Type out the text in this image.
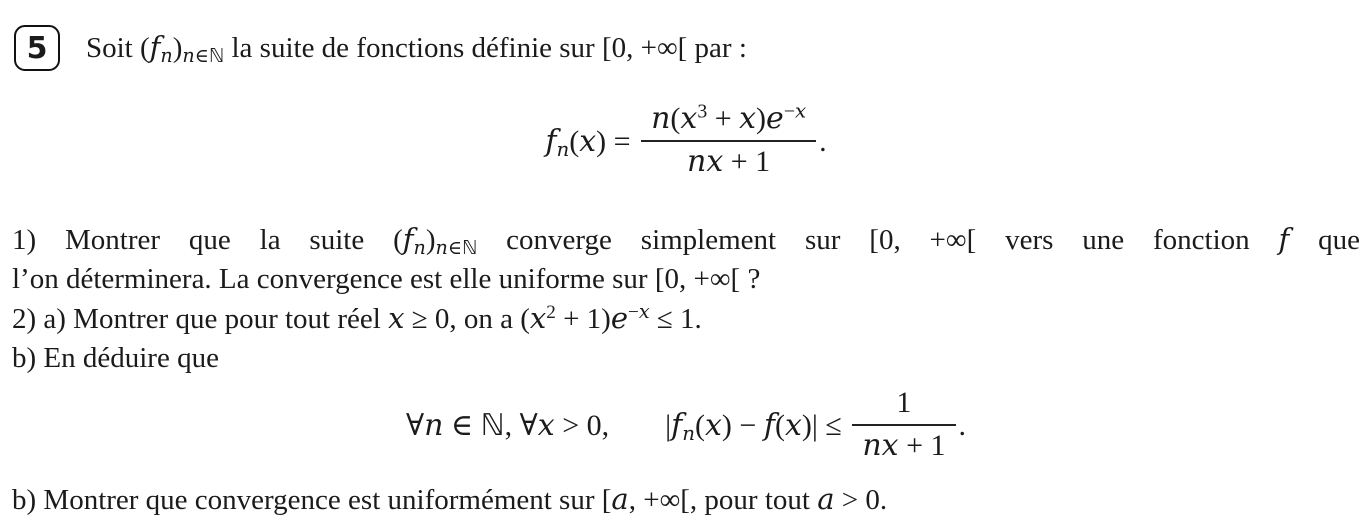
5 Soit $(f_n)_{n\in ℕ}$ la suite de fonctions définie sur [0, +∞[ par :
$f_n(x) = \frac{n(x^3 + x)e^{-x}}{nx + 1}$ .
1) Montrer que la suite $(f_n)_{n\in ℕ}$ converge simplement sur [0, +∞[ vers une fonction f que
l’on déterminera. La convergence est elle uniforme sur [0, +∞[ ?
2) a) Montrer que pour tout réel x ≥ 0, on a $(x^2 + 1)e^{-x} \le 1$.
b) En déduire que
∀n ∈ ℕ, ∀x > 0, $|f_n(x) - f(x)| \le \frac{1}{nx + 1}$ .
b) Montrer que convergence est uniformément sur [a, +∞[, pour tout a > 0.
